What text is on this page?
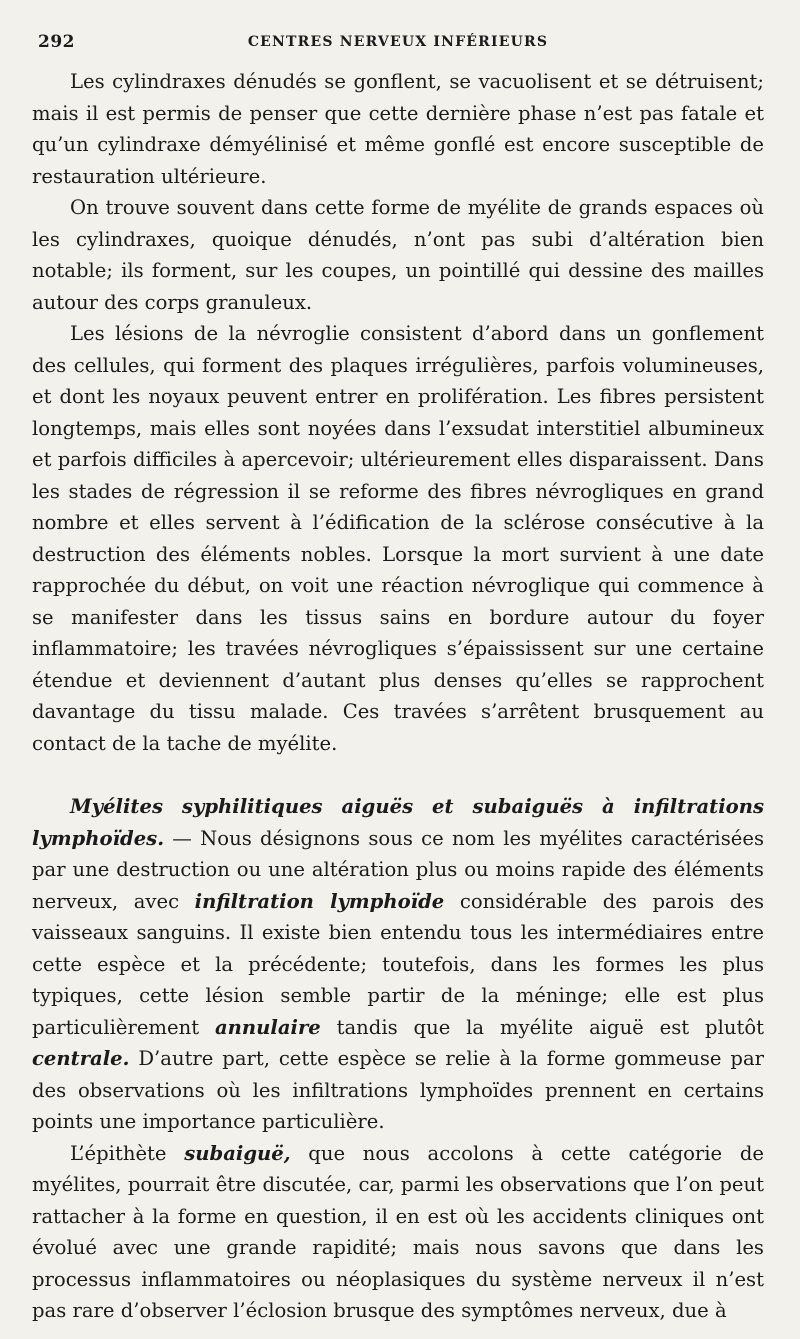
292	CENTRES NERVEUX INFÉRIEURS

Les cylindraxes dénudés se gonflent, se vacuolisent et se détruisent; mais il est permis de penser que cette dernière phase n’est pas fatale et qu’un cylindraxe démyélinisé et même gonflé est encore susceptible de restauration ultérieure.

On trouve souvent dans cette forme de myélite de grands espaces où les cylindraxes, quoique dénudés, n’ont pas subi d’altération bien notable; ils forment, sur les coupes, un pointillé qui dessine des mailles autour des corps granuleux.

Les lésions de la névroglie consistent d’abord dans un gonflement des cellules, qui forment des plaques irrégulières, parfois volumineuses, et dont les noyaux peuvent entrer en prolifération. Les fibres persistent longtemps, mais elles sont noyées dans l’exsudat interstitiel albumineux et parfois difficiles à apercevoir; ultérieurement elles disparaissent. Dans les stades de régression il se reforme des fibres névrogliques en grand nombre et elles servent à l’édification de la sclérose consécutive à la destruction des éléments nobles. Lorsque la mort survient à une date rapprochée du début, on voit une réaction névroglique qui commence à se manifester dans les tissus sains en bordure autour du foyer inflammatoire; les travées névrogliques s’épaississent sur une certaine étendue et deviennent d’autant plus denses qu’elles se rapprochent davantage du tissu malade. Ces travées s’arrêtent brusquement au contact de la tache de myélite.

Myélites syphilitiques aiguës et subaiguës à infiltrations lymphoïdes. — Nous désignons sous ce nom les myélites caractérisées par une destruction ou une altération plus ou moins rapide des éléments nerveux, avec infiltration lymphoïde considérable des parois des vaisseaux sanguins. Il existe bien entendu tous les intermédiaires entre cette espèce et la précédente; toutefois, dans les formes les plus typiques, cette lésion semble partir de la méninge; elle est plus particulièrement annulaire tandis que la myélite aiguë est plutôt centrale. D’autre part, cette espèce se relie à la forme gommeuse par des observations où les infiltrations lymphoïdes prennent en certains points une importance particulière.

L’épithète subaiguë, que nous accolons à cette catégorie de myélites, pourrait être discutée, car, parmi les observations que l’on peut rattacher à la forme en question, il en est où les accidents cliniques ont évolué avec une grande rapidité; mais nous savons que dans les processus inflammatoires ou néoplasiques du système nerveux il n’est pas rare d’observer l’éclosion brusque des symptômes nerveux, due à
